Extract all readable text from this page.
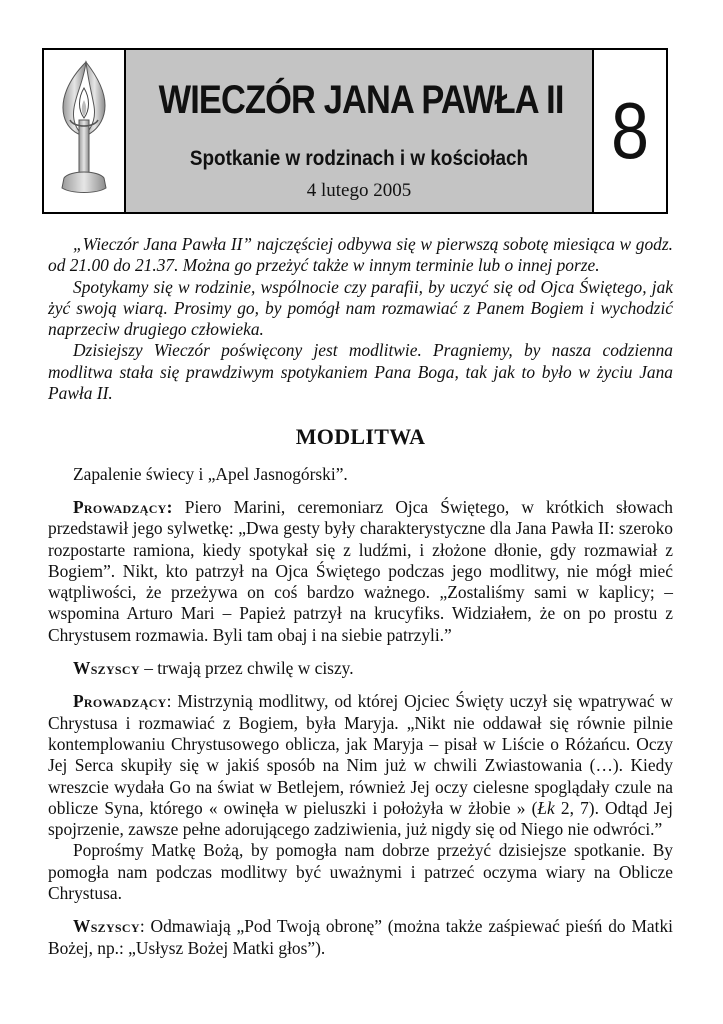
WIECZÓR JANA PAWŁA II
Spotkanie w rodzinach i w kościołach
4 lutego 2005
8

„Wieczór Jana Pawła II” najczęściej odbywa się w pierwszą sobotę miesiąca w godz. od 21.00 do 21.37. Można go przeżyć także w innym terminie lub o innej porze.

Spotykamy się w rodzinie, wspólnocie czy parafii, by uczyć się od Ojca Świętego, jak żyć swoją wiarą. Prosimy go, by pomógł nam rozmawiać z Panem Bogiem i wychodzić naprzeciw drugiego człowieka.

Dzisiejszy Wieczór poświęcony jest modlitwie. Pragniemy, by nasza codzienna modlitwa stała się prawdziwym spotykaniem Pana Boga, tak jak to było w życiu Jana Pawła II.

MODLITWA

Zapalenie świecy i „Apel Jasnogórski”.

Prowadzący: Piero Marini, ceremoniarz Ojca Świętego, w krótkich słowach przedstawił jego sylwetkę: „Dwa gesty były charakterystyczne dla Jana Pawła II: szeroko rozpostarte ramiona, kiedy spotykał się z ludźmi, i złożone dłonie, gdy rozmawiał z Bogiem”. Nikt, kto patrzył na Ojca Świętego podczas jego modlitwy, nie mógł mieć wątpliwości, że przeżywa on coś bardzo ważnego. „Zostaliśmy sami w kaplicy; – wspomina Arturo Mari – Papież patrzył na krucyfiks. Widziałem, że on po prostu z Chrystusem rozmawia. Byli tam obaj i na siebie patrzyli.”

Wszyscy – trwają przez chwilę w ciszy.

Prowadzący: Mistrzynią modlitwy, od której Ojciec Święty uczył się wpatrywać w Chrystusa i rozmawiać z Bogiem, była Maryja. „Nikt nie oddawał się równie pilnie kontemplowaniu Chrystusowego oblicza, jak Maryja – pisał w Liście o Różańcu. Oczy Jej Serca skupiły się w jakiś sposób na Nim już w chwili Zwiastowania (…). Kiedy wreszcie wydała Go na świat w Betlejem, również Jej oczy cielesne spoglądały czule na oblicze Syna, którego « owinęła w pieluszki i położyła w żłobie » (Łk 2, 7). Odtąd Jej spojrzenie, zawsze pełne adorującego zadziwienia, już nigdy się od Niego nie odwróci.”

Poprośmy Matkę Bożą, by pomogła nam dobrze przeżyć dzisiejsze spotkanie. By pomogła nam podczas modlitwy być uważnymi i patrzeć oczyma wiary na Oblicze Chrystusa.

Wszyscy: Odmawiają „Pod Twoją obronę” (można także zaśpiewać pieśń do Matki Bożej, np.: „Usłysz Bożej Matki głos”).
